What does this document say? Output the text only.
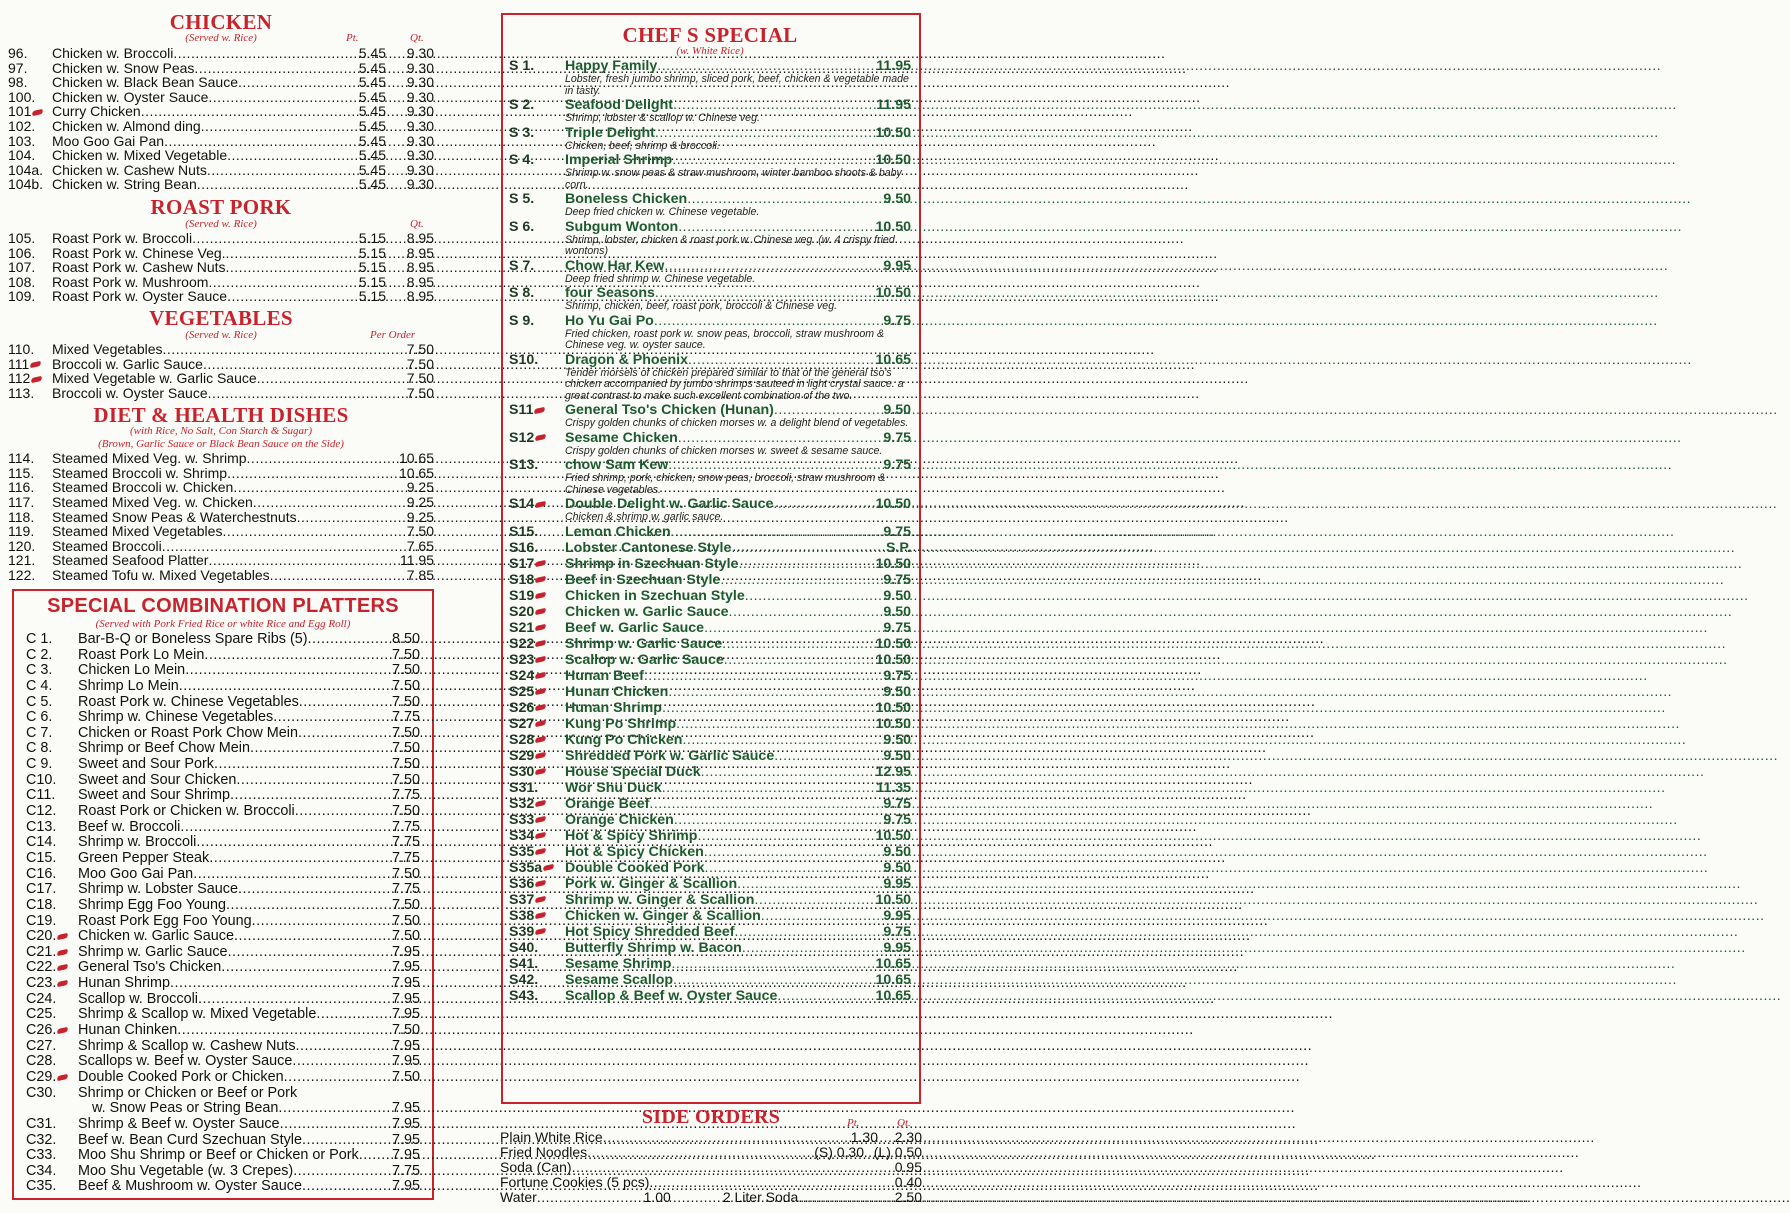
CHICKEN
(Served w. Rice)	Pt.	Qt.
96.	Chicken w. Broccoli .....	5.45	9.30
97.	Chicken w. Snow Peas .....	5.45	9.30
98.	Chicken w. Black Bean Sauce .....	5.45	9.30
100.	Chicken w. Oyster Sauce .....	5.45	9.30
101	Curry Chicken .....	5.45	9.30
102.	Chicken w. Almond ding .....	5.45	9.30
103.	Moo Goo Gai Pan .....	5.45	9.30
104.	Chicken w. Mixed Vegetable .....	5.45	9.30
104a. Chicken w. Cashew Nuts .....	5.45	9.30
104b. Chicken w. String Bean .....	5.45	9.30
ROAST PORK
(Served w. Rice)	Qt.
105.	Roast Pork w. Broccoli .....	5.15	8.95
106.	Roast Pork w. Chinese Veg. .....	5.15	8.95
107.	Roast Pork w. Cashew Nuts .....	5.15	8.95
108.	Roast Pork w. Mushroom .....	5.15	8.95
109.	Roast Pork w. Oyster Sauce .....	5.15	8.95
VEGETABLES
(Served w. Rice)	Per Order
110.	Mixed Vegetables .....	7.50
111	Broccoli w. Garlic Sauce .....	7.50
112	Mixed Vegetable w. Garlic Sauce .....	7.50
113.	Broccoli w. Oyster Sauce .....	7.50
DIET & HEALTH DISHES
(with Rice, No Salt, Con Starch & Sugar)
(Brown, Garlic Sauce or Black Bean Sauce on the Side)
114.	Steamed Mixed Veg. w. Shrimp .....	10.65
115.	Steamed Broccoli w. Shrimp .....	10.65
116.	Steamed Broccoli w. Chicken .....	9.25
117.	Steamed Mixed Veg. w. Chicken .....	9.25
118.	Steamed Snow Peas & Waterchestnuts .....	9.25
119.	Steamed Mixed Vegetables .....	7.50
120.	Steamed Broccoli .....	7.65
121.	Steamed Seafood Platter .....	11.95
122.	Steamed Tofu w. Mixed Vegetables .....	7.85
SPECIAL COMBINATION PLATTERS
(Served with Pork Fried Rice or white Rice and Egg Roll)
C 1.	Bar-B-Q or Boneless Spare Ribs (5) .....	8.50
C 2.	Roast Pork Lo Mein .....	7.50
C 3.	Chicken Lo Mein .....	7.50
C 4.	Shrimp Lo Mein .....	7.50
C 5.	Roast Pork w. Chinese Vegetables .....	7.50
C 6.	Shrimp w. Chinese Vegetables .....	7.75
C 7.	Chicken or Roast Pork Chow Mein .....	7.50
C 8.	Shrimp or Beef Chow Mein .....	7.50
C 9.	Sweet and Sour Pork .....	7.50
C10.	Sweet and Sour Chicken .....	7.50
C11.	Sweet and Sour Shrimp .....	7.75
C12.	Roast Pork or Chicken w. Broccoli .....	7.50
C13.	Beef w. Broccoli .....	7.75
C14.	Shrimp w. Broccoli .....	7.75
C15.	Green Pepper Steak .....	7.75
C16.	Moo Goo Gai Pan .....	7.50
C17.	Shrimp w. Lobster Sauce .....	7.75
C18.	Shrimp Egg Foo Young .....	7.50
C19.	Roast Pork Egg Foo Young .....	7.50
C20.	Chicken w. Garlic Sauce .....	7.50
C21.	Shrimp w. Garlic Sauce .....	7.95
C22.	General Tso's Chicken .....	7.95
C23.	Hunan Shrimp .....	7.95
C24.	Scallop w. Broccoli .....	7.95
C25.	Shrimp & Scallop w. Mixed Vegetable .....	7.95
C26.	Hunan Chinken .....	7.50
C27.	Shrimp & Scallop w. Cashew Nuts .....	7.95
C28.	Scallops w. Beef w. Oyster Sauce .....	7.95
C29.	Double Cooked Pork or Chicken .....	7.50
C30.	Shrimp or Chicken or Beef or Pork
w. Snow Peas or String Bean .....	7.95
C31.	Shrimp & Beef w. Oyster Sauce .....	7.95
C32.	Beef w. Bean Curd Szechuan Style .....	7.95
C33.	Moo Shu Shrimp or Beef or Chicken or Pork .....	7.95
C34.	Moo Shu Vegetable (w. 3 Crepes) .....	7.75
C35.	Beef & Mushroom w. Oyster Sauce .....	7.95
CHEF S SPECIAL
(w. White Rice)
S 1.	Happy Family .....	11.95
Lobster, fresh jumbo shrimp, sliced pork, beef, chicken & vegetable made in tasty.
S 2.	Seafood Delight .....	11.95
Shrimp, lobster & scallop w. Chinese veg.
S 3.	Triple Delight .....	10.50
Chicken, beef, shrimp & broccoli.
S 4.	Imperial Shrimp .....	10.50
Shrimp w. snow peas & straw mushroom, winter bamboo shoots & baby corn.
S 5.	Boneless Chicken .....	9.50
Deep fried chicken w. Chinese vegetable.
S 6.	Subgum Wonton .....	10.50
Shrimp, lobster, chicken & roast pork w. Chinese veg. (w. 4 crispy fried wontons)
S 7.	Chow Har Kew .....	9.95
Deep fried shrimp w. Chinese vegetable.
S 8.	four Seasons .....	10.50
Shrimp, chicken, beef, roast pork, broccoli & Chinese veg.
S 9.	Ho Yu Gai Po .....	9.75
Fried chicken, roast pork w. snow peas, broccoli, straw mushroom & Chinese veg. w. oyster sauce.
S10.	Dragon & Phoenix .....	10.65
Tender morsels of chicken prepared similar to that of the general tso's chicken accompanied by jumbo shrimps sauteed in light crystal sauce. a great contrast to make such excellent combination of the two.
S11	General Tso's Chicken (Hunan) .....	9.50
Crispy golden chunks of chicken morses w. a delight blend of vegetables.
S12	Sesame Chicken .....	9.75
Crispy golden chunks of chicken morses w. sweet & sesame sauce.
S13.	chow Sam Kew .....	9.75
Fried shrimp, pork, chicken, snow peas, broccoli, straw mushroom & Chinese vegetables.
S14	Double Delight w. Garlic Sauce .....	10.50
Chicken & shrimp w. garlic sauce.
S15.	Lemon Chicken .....	9.75
S16.	Lobster Cantonese Style .....	S.P.
S17	Shrimp in Szechuan Style .....	10.50
S18	Beef in Szechuan Style .....	9.75
S19	Chicken in Szechuan Style .....	9.50
S20	Chicken w. Garlic Sauce .....	9.50
S21	Beef w. Garlic Sauce .....	9.75
S22	Shrimp w. Garlic Sauce .....	10.50
S23	Scallop w. Garlic Sauce .....	10.50
S24	Hunan Beef .....	9.75
S25	Hunan Chicken .....	9.50
S26	Hunan Shrimp .....	10.50
S27	Kung Po Shrimp .....	10.50
S28	Kung Po Chicken .....	9.50
S29	Shredded Pork w. Garlic Sauce .....	9.50
S30	House Special Duck .....	12.95
S31.	Wor Shu Duck .....	11.35
S32	Orange Beef .....	9.75
S33	Orange Chicken .....	9.75
S34	Hot & Spicy Shrimp .....	10.50
S35	Hot & Spicy Chicken .....	9.50
S35a	Double Cooked Pork .....	9.50
S36	Pork w. Ginger & Scallion .....	9.95
S37	Shrimp w. Ginger & Scallion .....	10.50
S38	Chicken w. Ginger & Scallion .....	9.95
S39	Hot Spicy Shredded Beef .....	9.75
S40.	Butterfly Shrimp w. Bacon .....	9.95
S41.	Sesame Shrimp .....	10.65
S42.	Sesame Scallop .....	10.65
S43.	Scallop & Beef w. Oyster Sauce .....	10.65
SIDE ORDERS	Pt.	Qt.
Plain White Rice .....	1.30	2.30
Fried Noodles .....	(S) 0.30 (L) 0.50
Soda (Can) .....	0.95
Fortune Cookies (5 pcs) .....	0.40
Water .....	1.00	2 Liter Soda .....	2.50
